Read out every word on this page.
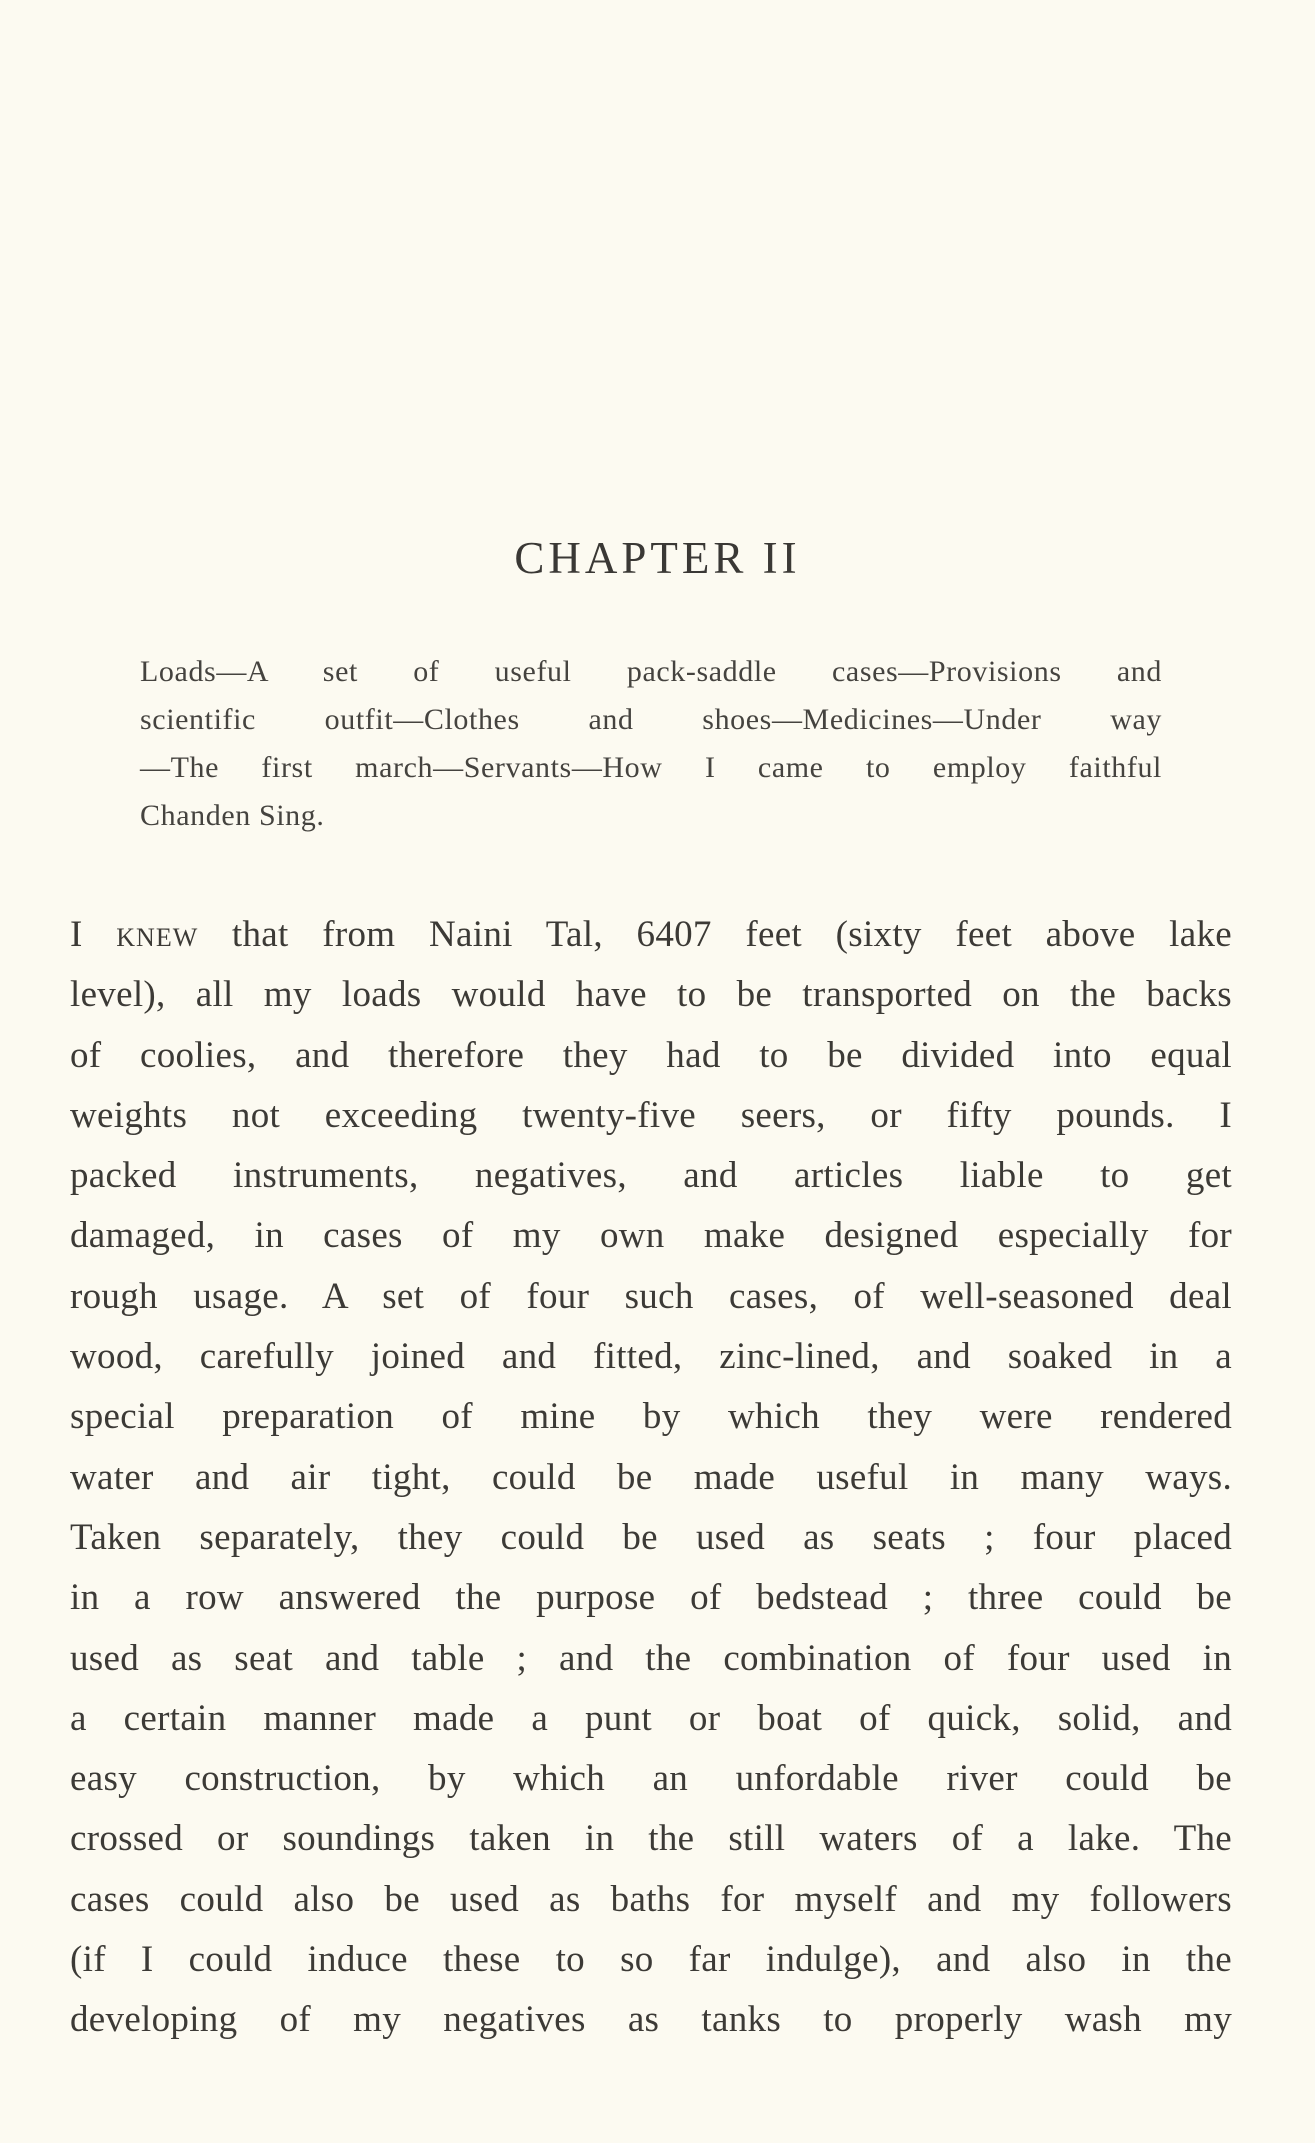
CHAPTER II
Loads—A set of useful pack-saddle cases—Provisions and
scientific outfit—Clothes and shoes—Medicines—Under way
—The first march—Servants—How I came to employ faithful
Chanden Sing.
I knew that from Naini Tal, 6407 feet (sixty feet above lake
level), all my loads would have to be transported on the backs
of coolies, and therefore they had to be divided into equal
weights not exceeding twenty-five seers, or fifty pounds. I
packed instruments, negatives, and articles liable to get
damaged, in cases of my own make designed especially for
rough usage. A set of four such cases, of well-seasoned deal
wood, carefully joined and fitted, zinc-lined, and soaked in a
special preparation of mine by which they were rendered
water and air tight, could be made useful in many ways.
Taken separately, they could be used as seats ; four placed
in a row answered the purpose of bedstead ; three could be
used as seat and table ; and the combination of four used in
a certain manner made a punt or boat of quick, solid, and
easy construction, by which an unfordable river could be
crossed or soundings taken in the still waters of a lake. The
cases could also be used as baths for myself and my followers
(if I could induce these to so far indulge), and also in the
developing of my negatives as tanks to properly wash my
